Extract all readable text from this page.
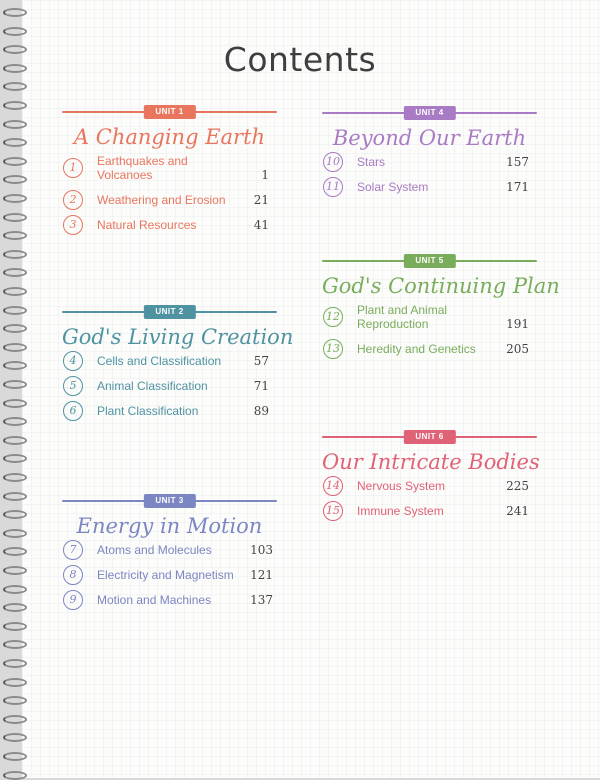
Contents
UNIT 1
A Changing Earth
1	Earthquakes and Volcanoes	1
2	Weathering and Erosion	21
3	Natural Resources	41
UNIT 2
God's Living Creation
4	Cells and Classification	57
5	Animal Classification	71
6	Plant Classification	89
UNIT 3
Energy in Motion
7	Atoms and Molecules	103
8	Electricity and Magnetism	121
9	Motion and Machines	137
UNIT 4
Beyond Our Earth
10 Stars	157
11 Solar System	171
UNIT 5
God's Continuing Plan
12 Plant and Animal Reproduction	191
13 Heredity and Genetics	205
UNIT 6
Our Intricate Bodies
14 Nervous System	225
15 Immune System	241
